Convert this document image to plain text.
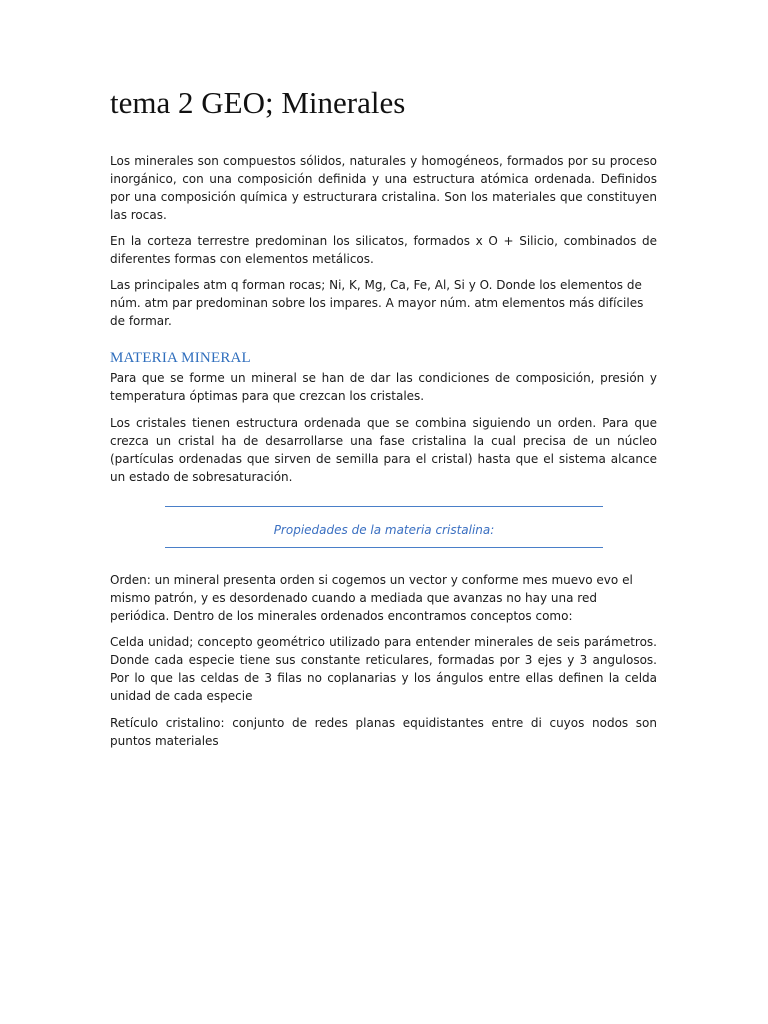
tema 2 GEO; Minerales

Los minerales son compuestos sólidos, naturales y homogéneos, formados por su proceso inorgánico, con una composición definida y una estructura atómica ordenada. Definidos por una composición química y estructurara cristalina. Son los materiales que constituyen las rocas.

En la corteza terrestre predominan los silicatos, formados x O + Silicio, combinados de diferentes formas con elementos metálicos.

Las principales atm q forman rocas; Ni, K, Mg, Ca, Fe, Al, Si y O. Donde los elementos de núm. atm par predominan sobre los impares. A mayor núm. atm elementos más difíciles de formar.

MATERIA MINERAL

Para que se forme un mineral se han de dar las condiciones de composición, presión y temperatura óptimas para que crezcan los cristales.

Los cristales tienen estructura ordenada que se combina siguiendo un orden. Para que crezca un cristal ha de desarrollarse una fase cristalina la cual precisa de un núcleo (partículas ordenadas que sirven de semilla para el cristal) hasta que el sistema alcance un estado de sobresaturación.

Propiedades de la materia cristalina:

Orden: un mineral presenta orden si cogemos un vector y conforme mes muevo evo el mismo patrón, y es desordenado cuando a mediada que avanzas no hay una red periódica. Dentro de los minerales ordenados encontramos conceptos como:

Celda unidad; concepto geométrico utilizado para entender minerales de seis parámetros. Donde cada especie tiene sus constante reticulares, formadas por 3 ejes y 3 angulosos. Por lo que las celdas de 3 filas no coplanarias y los ángulos entre ellas definen la celda unidad de cada especie

Retículo cristalino: conjunto de redes planas equidistantes entre di cuyos nodos son puntos materiales
